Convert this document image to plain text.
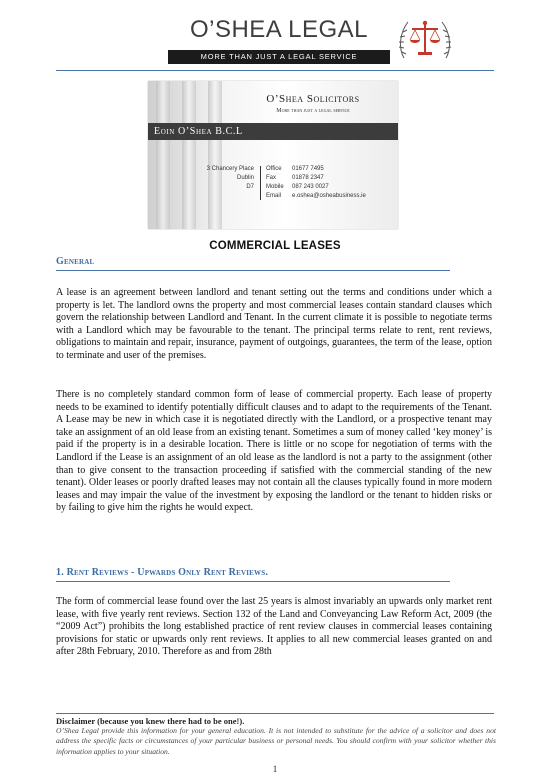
O’SHEA LEGAL
MORE THAN JUST A LEGAL SERVICE
O’Shea Solicitors
More than just a legal service
Eoin O’Shea B.C.L
3 Chancery Place
Dublin
D7
Office 01677 7495
Fax	01878 2347
Mobile 087 243 0027
Email e.oshea@osheabusiness.ie
COMMERCIAL LEASES
General
A lease is an agreement between landlord and tenant setting out the terms and conditions under which a property is let. The landlord owns the property and most commercial leases contain standard clauses which govern the relationship between Landlord and Tenant. In the current climate it is possible to negotiate terms with a Landlord which may be favourable to the tenant. The principal terms relate to rent, rent reviews, obligations to maintain and repair, insurance, payment of outgoings, guarantees, the term of the lease, option to terminate and user of the premises.
There is no completely standard common form of lease of commercial property. Each lease of property needs to be examined to identify potentially difficult clauses and to adapt to the requirements of the Tenant. A Lease may be new in which case it is negotiated directly with the Landlord, or a prospective tenant may take an assignment of an old lease from an existing tenant. Sometimes a sum of money called ‘key money’ is paid if the property is in a desirable location. There is little or no scope for negotiation of terms with the Landlord if the Lease is an assignment of an old lease as the landlord is not a party to the assignment (other than to give consent to the transaction proceeding if satisfied with the commercial standing of the new tenant). Older leases or poorly drafted leases may not contain all the clauses typically found in more modern leases and may impair the value of the investment by exposing the landlord or the tenant to hidden risks or by failing to give him the rights he would expect.
1. Rent Reviews - Upwards Only Rent Reviews.
The form of commercial lease found over the last 25 years is almost invariably an upwards only market rent lease, with five yearly rent reviews. Section 132 of the Land and Conveyancing Law Reform Act, 2009 (the “2009 Act”) prohibits the long established practice of rent review clauses in commercial leases containing provisions for static or upwards only rent reviews. It applies to all new commercial leases granted on and after 28th February, 2010. Therefore as and from 28th
Disclaimer (because you knew there had to be one!).
O’Shea Legal provide this information for your general education. It is not intended to substitute for the advice of a solicitor and does not address the specific facts or circumstances of your particular business or personal needs. You should confirm with your solicitor whether this information applies to your situation.
1
